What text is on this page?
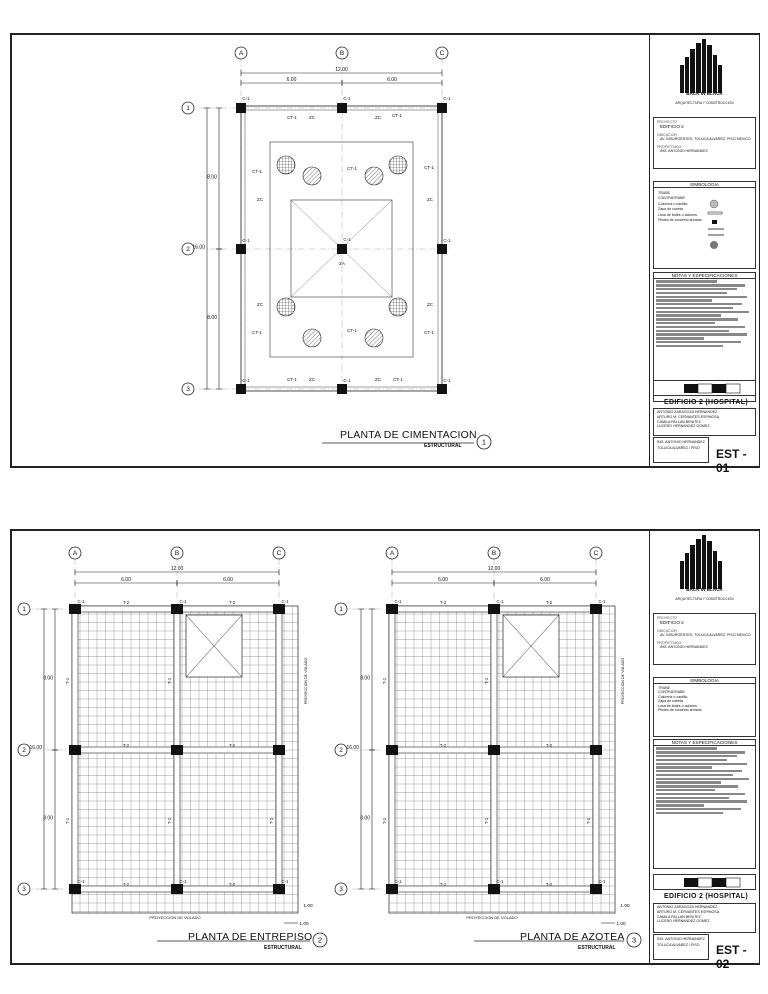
A	B	C
1
2
3
12.00
6.00	6.00
16.00
8.00
8.00
C-1	C-1	C-1
C-1	C-1
C-1	C-1	C-1
C-1
CT-1	CT-1
CT-1	CT-1
CT-1
CT-1
CT-1	CT-1
CT-1
CT-1
ZC	ZC
ZC	ZC
ZC	ZC
ZC	ZC
ZA
1
PLANTA DE CIMENTACION
ESTRUCTURAL
BACK IN BLACK
ARQUITECTURA Y CONSTRUCCION
PROYECTO
EDIFICIO 2
UBICACION
AV. INSURGENTES, TOLUCA ALVAREZ, PISO MEXICO
PROPIETARIO
ING. ANTONIO HERNANDEZ
SIMBOLOGIA
TRABE
CONTRATRABE
Columna o castillo
Zapa de cubeta
Losa de bofes o aciones
Pilotes de concreto armado
NOTAS Y ESPECIFICACIONES
EDIFICIO 2 (HOSPITAL)
ANTONIO ZARAGOZA HERNANDEZ
ARTURO M. CERVANTES ESPINOSA
CAMILA PALLAN BENITEZ
LUCERO HERNANDEZ GOMEZ
ING. ANTONIO HERNANDEZ
TOLUCA ALVAREZ / PISO	EST - 01
A	B	C
1
2
3
12.00
6.00	6.00
16.00
8.00
8.00
C-1	C-1	C-1
C-1	C-1	C-1
T-2	T-2
T-2	T-2
T-2	T-2
T-1	T-1
T-1	T-1	T-1
PROYECCION DE VOLADO
PROYECCION DE VOLADO
1.00
1.00
A	B	C
1
2
3
12.00
6.00	6.00
16.00
8.00
8.00
C-1	C-1	C-1
C-1	C-1	C-1
T-2	T-2
T-2	T-2
T-2	T-2
T-1	T-1
T-1	T-1	T-1
PROYECCION DE VOLADO
PROYECCION DE VOLADO
1.00
1.00
2	3
PLANTA DE ENTREPISO
ESTRUCTURAL
PLANTA DE AZOTEA
ESTRUCTURAL
BACK IN BLACK
ARQUITECTURA Y CONSTRUCCION
PROYECTO
EDIFICIO 2
UBICACION
AV. INSURGENTES, TOLUCA ALVAREZ, PISO MEXICO
PROPIETARIO
ING. ANTONIO HERNANDEZ
SIMBOLOGIA
TRABE
CONTRATRABE
Columna o castillo
Zapa de cubeta
Losa de bofes o aciones
Pilotes de concreto armado
NOTAS Y ESPECIFICACIONES
EDIFICIO 2 (HOSPITAL)
ANTONIO ZARAGOZA HERNANDEZ
ARTURO M. CERVANTES ESPINOSA
CAMILA PALLAN BENITEZ
LUCERO HERNANDEZ GOMEZ
ING. ANTONIO HERNANDEZ
TOLUCA ALVAREZ / PISO	EST - 02
